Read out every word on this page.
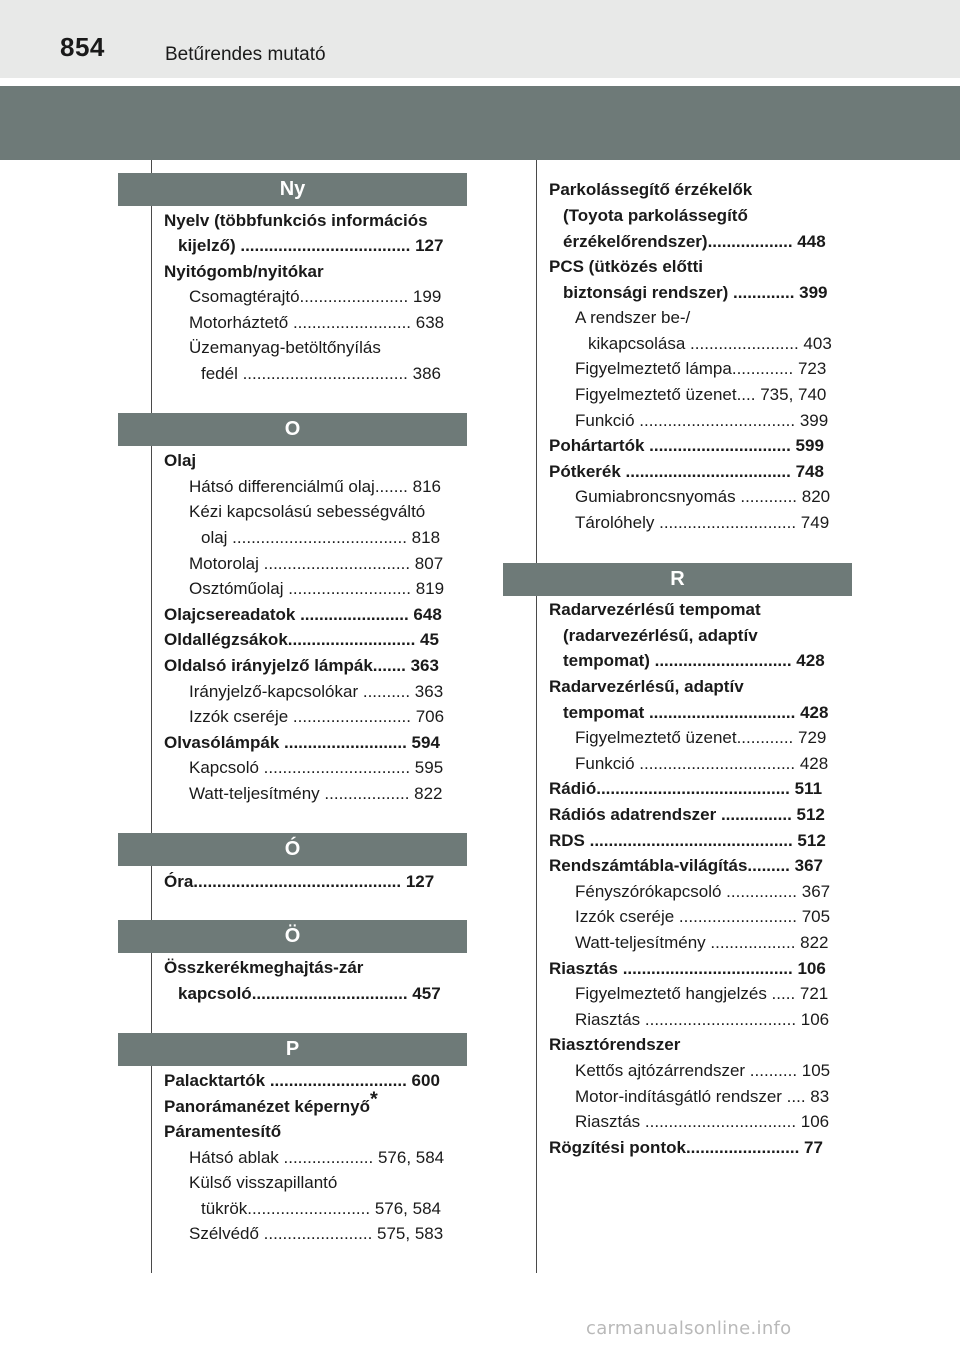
854	Betűrendes mutató
Ny
Nyelv (többfunkciós információs
kijelző) .................................... 127
Nyitógomb/nyitókar
Csomagtérajtó....................... 199
Motorháztető ......................... 638
Üzemanyag-betöltőnyílás
fedél ................................... 386
O
Olaj
Hátsó differenciálmű olaj....... 816
Kézi kapcsolású sebességváltó
olaj ..................................... 818
Motorolaj ............................... 807
Osztóműolaj .......................... 819
Olajcsereadatok ....................... 648
Oldallégzsákok........................... 45
Oldalsó irányjelző lámpák....... 363
Irányjelző-kapcsolókar .......... 363
Izzók cseréje ......................... 706
Olvasólámpák .......................... 594
Kapcsoló ............................... 595
Watt-teljesítmény .................. 822
Ó
Óra............................................ 127
Ö
Összkerékmeghajtás-zár
kapcsoló................................. 457
P
Palacktartók ............................. 600
Panorámanézet képernyő*
Páramentesítő
Hátsó ablak ................... 576, 584
Külső visszapillantó
tükrök.......................... 576, 584
Szélvédő ....................... 575, 583
Parkolássegítő érzékelők
(Toyota parkolássegítő
érzékelőrendszer).................. 448
PCS (ütközés előtti
biztonsági rendszer) ............. 399
A rendszer be-/
kikapcsolása ....................... 403
Figyelmeztető lámpa............. 723
Figyelmeztető üzenet.... 735, 740
Funkció ................................. 399
Pohártartók .............................. 599
Pótkerék ................................... 748
Gumiabroncsnyomás ............ 820
Tárolóhely ............................. 749
R
Radarvezérlésű tempomat
(radarvezérlésű, adaptív
tempomat) ............................. 428
Radarvezérlésű, adaptív
tempomat ............................... 428
Figyelmeztető üzenet............ 729
Funkció ................................. 428
Rádió......................................... 511
Rádiós adatrendszer ............... 512
RDS ........................................... 512
Rendszámtábla-világítás......... 367
Fényszórókapcsoló ............... 367
Izzók cseréje ......................... 705
Watt-teljesítmény .................. 822
Riasztás .................................... 106
Figyelmeztető hangjelzés ..... 721
Riasztás ................................ 106
Riasztórendszer
Kettős ajtózárrendszer .......... 105
Motor-indításgátló rendszer .... 83
Riasztás ................................ 106
Rögzítési pontok........................ 77
carmanualsonline.info
